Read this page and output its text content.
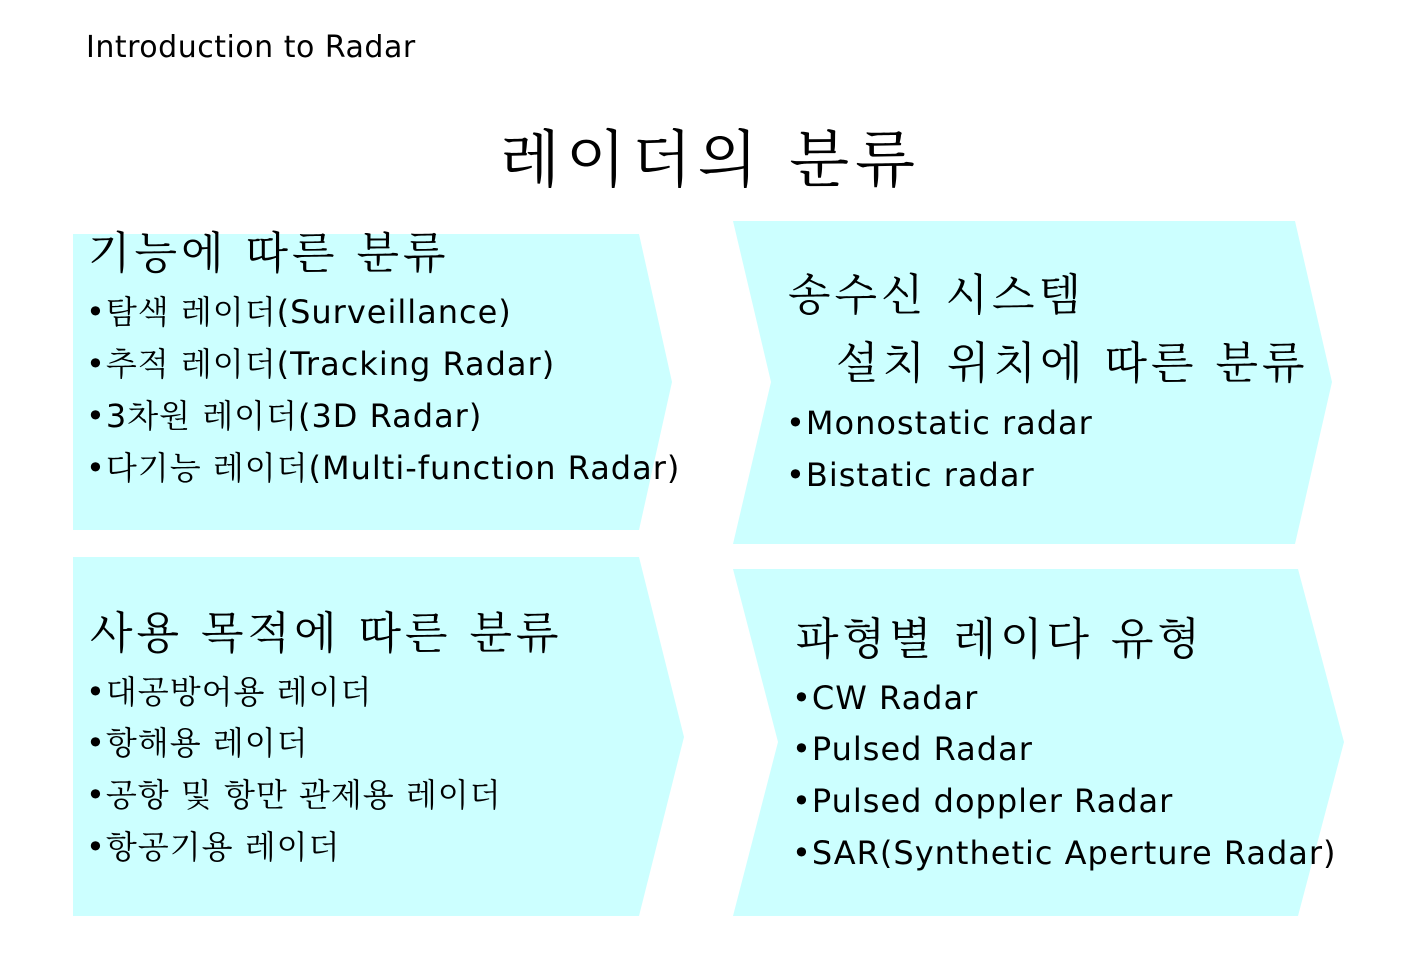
Introduction to Radar
레이더의 분류
기능에 따른 분류
•탐색 레이더(Surveillance)
•추적 레이더(Tracking Radar)
•3차원 레이더(3D Radar)
•다기능 레이더(Multi-function Radar)
송수신 시스템
설치 위치에 따른 분류
•Monostatic radar
•Bistatic radar
사용 목적에 따른 분류
•대공방어용 레이더
•항해용 레이더
•공항 및 항만 관제용 레이더
•항공기용 레이더
파형별 레이다 유형
•CW Radar
•Pulsed Radar
•Pulsed doppler Radar
•SAR(Synthetic Aperture Radar)
